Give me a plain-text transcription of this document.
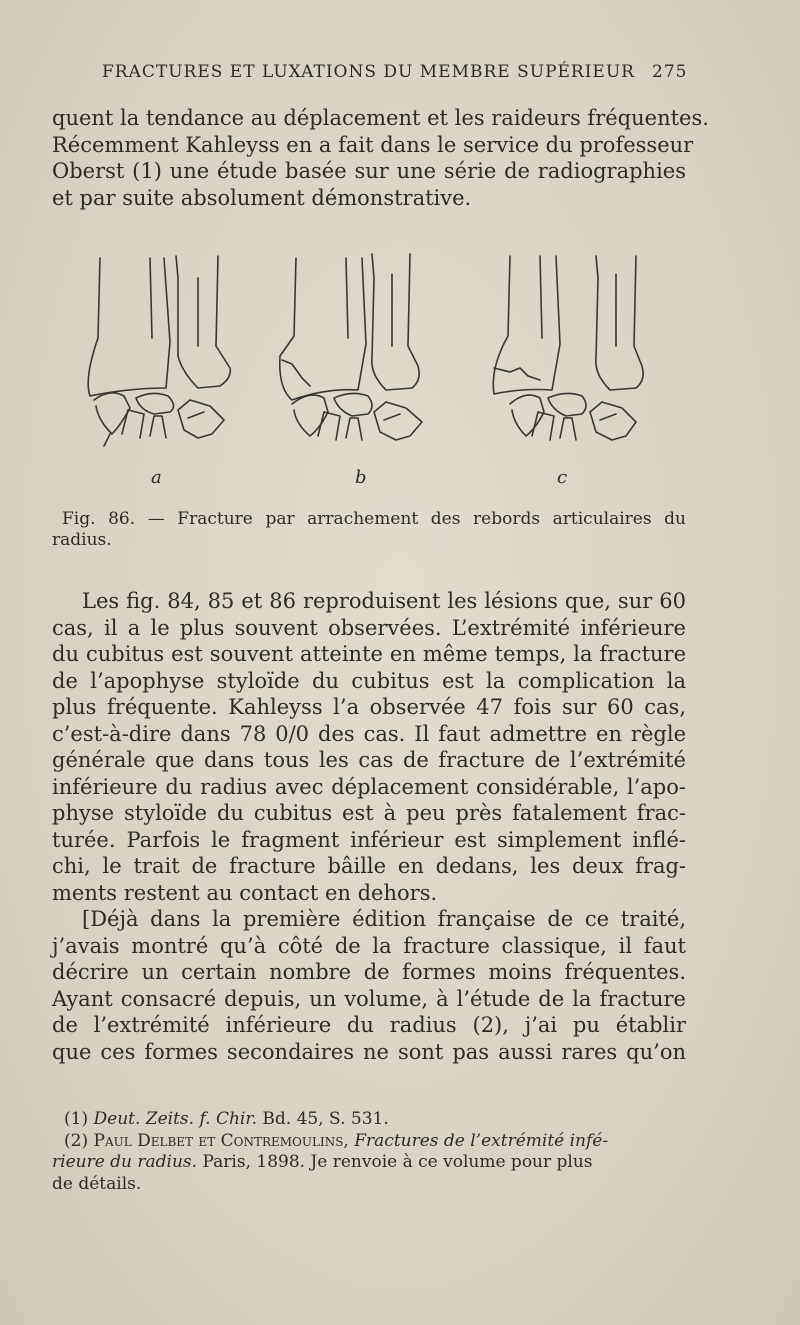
FRACTURES ET LUXATIONS DU MEMBRE SUPÉRIEUR 275

quent la tendance au déplacement et les raideurs fréquentes.
Récemment Kahleyss en a fait dans le service du professeur
Oberst (1) une étude basée sur une série de radiographies
et par suite absolument démonstrative.

a	b	c

Fig. 86. — Fracture par arrachement des rebords articulaires du
radius.

Les fig. 84, 85 et 86 reproduisent les lésions que, sur 60
cas, il a le plus souvent observées. L’extrémité inférieure
du cubitus est souvent atteinte en même temps, la fracture
de l’apophyse styloïde du cubitus est la complication la
plus fréquente. Kahleyss l’a observée 47 fois sur 60 cas,
c’est-à-dire dans 78 0/0 des cas. Il faut admettre en règle
générale que dans tous les cas de fracture de l’extrémité
inférieure du radius avec déplacement considérable, l’apo-
physe styloïde du cubitus est à peu près fatalement frac-
turée. Parfois le fragment inférieur est simplement inflé-
chi, le trait de fracture bâille en dedans, les deux frag-
ments restent au contact en dehors.

[Déjà dans la première édition française de ce traité,
j’avais montré qu’à côté de la fracture classique, il faut
décrire un certain nombre de formes moins fréquentes.
Ayant consacré depuis, un volume, à l’étude de la fracture
de l’extrémité inférieure du radius (2), j’ai pu établir
que ces formes secondaires ne sont pas aussi rares qu’on

(1) Deut. Zeits. f. Chir. Bd. 45, S. 531.
(2) Paul Delbet et Contremoulins, Fractures de l’extrémité infé-
rieure du radius. Paris, 1898. Je renvoie à ce volume pour plus
de détails.
